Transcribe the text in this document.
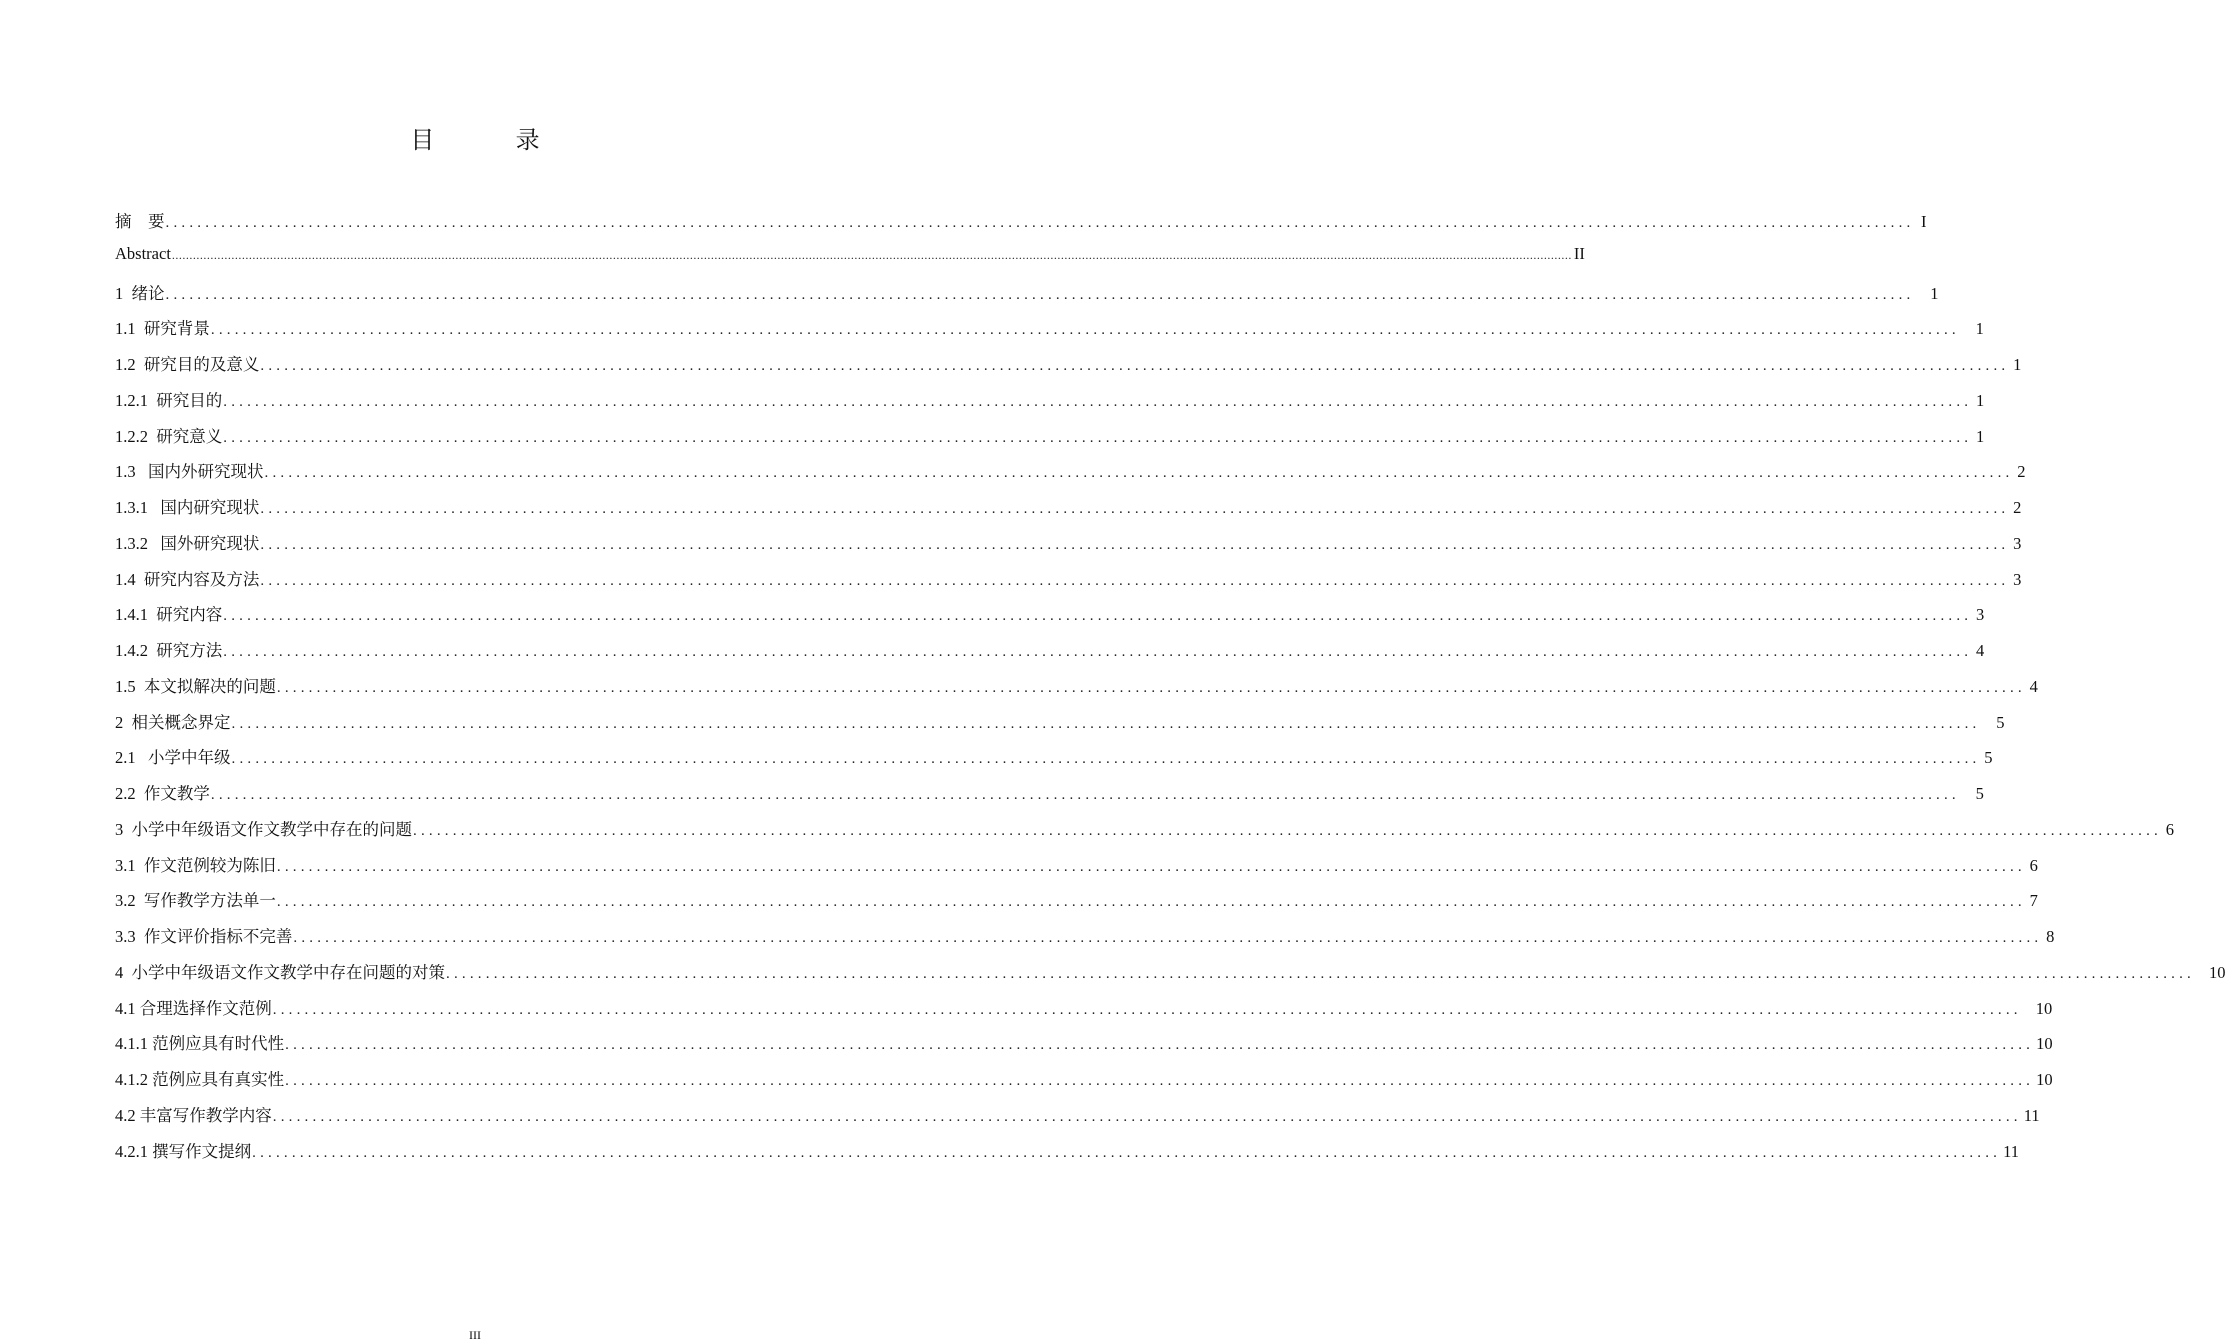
目  录
摘    要 ............................................................................................................................................................................................................................ I
Abstract ................................................................................................................................................................................................................................................................................................................................................................................................................ II
1  绪论 ............................................................................................................................................................................................................................ 1
1.1  研究背景 ............................................................................................................................................................................................................................ 1
1.2  研究目的及意义 ............................................................................................................................................................................................................................ 1
1.2.1  研究目的 ............................................................................................................................................................................................................................ 1
1.2.2  研究意义 ............................................................................................................................................................................................................................ 1
1.3   国内外研究现状 ............................................................................................................................................................................................................................ 2
1.3.1   国内研究现状 ............................................................................................................................................................................................................................ 2
1.3.2   国外研究现状 ............................................................................................................................................................................................................................ 3
1.4  研究内容及方法 ............................................................................................................................................................................................................................ 3
1.4.1  研究内容 ............................................................................................................................................................................................................................ 3
1.4.2  研究方法 ............................................................................................................................................................................................................................ 4
1.5  本文拟解决的问题 ............................................................................................................................................................................................................................ 4
2  相关概念界定 ............................................................................................................................................................................................................................ 5
2.1   小学中年级 ............................................................................................................................................................................................................................ 5
2.2  作文教学 ............................................................................................................................................................................................................................ 5
3  小学中年级语文作文教学中存在的问题 ............................................................................................................................................................................................................................ 6
3.1  作文范例较为陈旧 ............................................................................................................................................................................................................................ 6
3.2  写作教学方法单一 ............................................................................................................................................................................................................................ 7
3.3  作文评价指标不完善 ............................................................................................................................................................................................................................ 8
4  小学中年级语文作文教学中存在问题的对策 ............................................................................................................................................................................................................................ 10
4.1 合理选择作文范例 ............................................................................................................................................................................................................................ 10
4.1.1 范例应具有时代性 ............................................................................................................................................................................................................................ 10
4.1.2 范例应具有真实性 ............................................................................................................................................................................................................................ 10
4.2 丰富写作教学内容 ............................................................................................................................................................................................................................ 11
4.2.1 撰写作文提纲 ............................................................................................................................................................................................................................ 11
III
